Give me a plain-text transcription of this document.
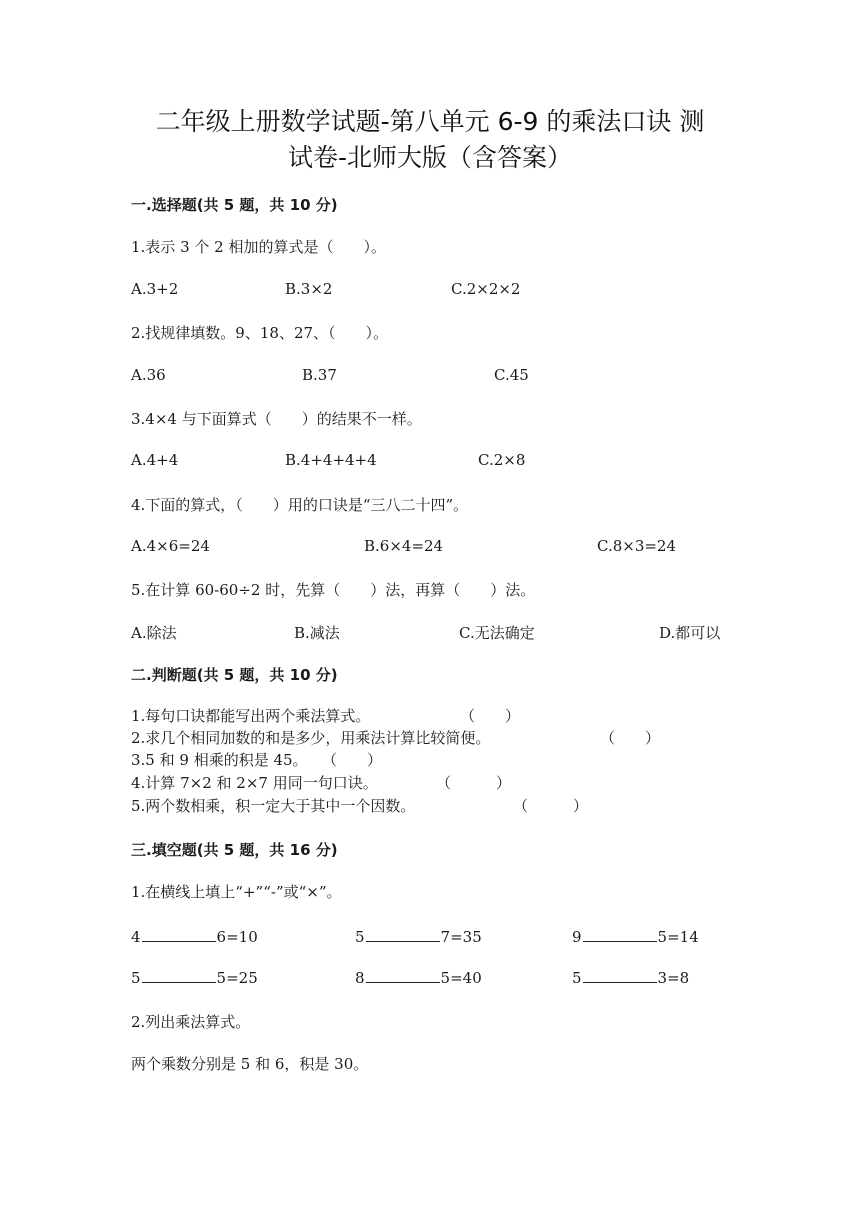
二年级上册数学试题-第八单元 6-9 的乘法口诀 测
试卷-北师大版（含答案）
一.选择题(共 5 题，共 10 分)
1.表示 3 个 2 相加的算式是（　　）。
A.3+2	B.3×2	C.2×2×2
2.找规律填数。9、18、27、（　　）。
A.36	B.37	C.45
3.4×4 与下面算式（　　）的结果不一样。
A.4+4	B.4+4+4+4	C.2×8
4.下面的算式，（　　）用的口诀是“三八二十四”。
A.4×6=24	B.6×4=24	C.8×3=24
5.在计算 60-60÷2 时，先算（　　）法，再算（　　）法。
A.除法	B.减法	C.无法确定	D.都可以
二.判断题(共 5 题，共 10 分)
1.每句口诀都能写出两个乘法算式。	（　　）
2.求几个相同加数的和是多少，用乘法计算比较简便。	（　　）
3.5 和 9 相乘的积是 45。 （　　）
4.计算 7×2 和 2×7 用同一句口诀。	（　　　）
5.两个数相乘，积一定大于其中一个因数。	（　　　）
三.填空题(共 5 题，共 16 分)
1.在横线上填上“+”“-”或“×”。
4	6=10	5	7=35	9	5=14
5	5=25	8	5=40	5	3=8
2.列出乘法算式。
两个乘数分别是 5 和 6，积是 30。
